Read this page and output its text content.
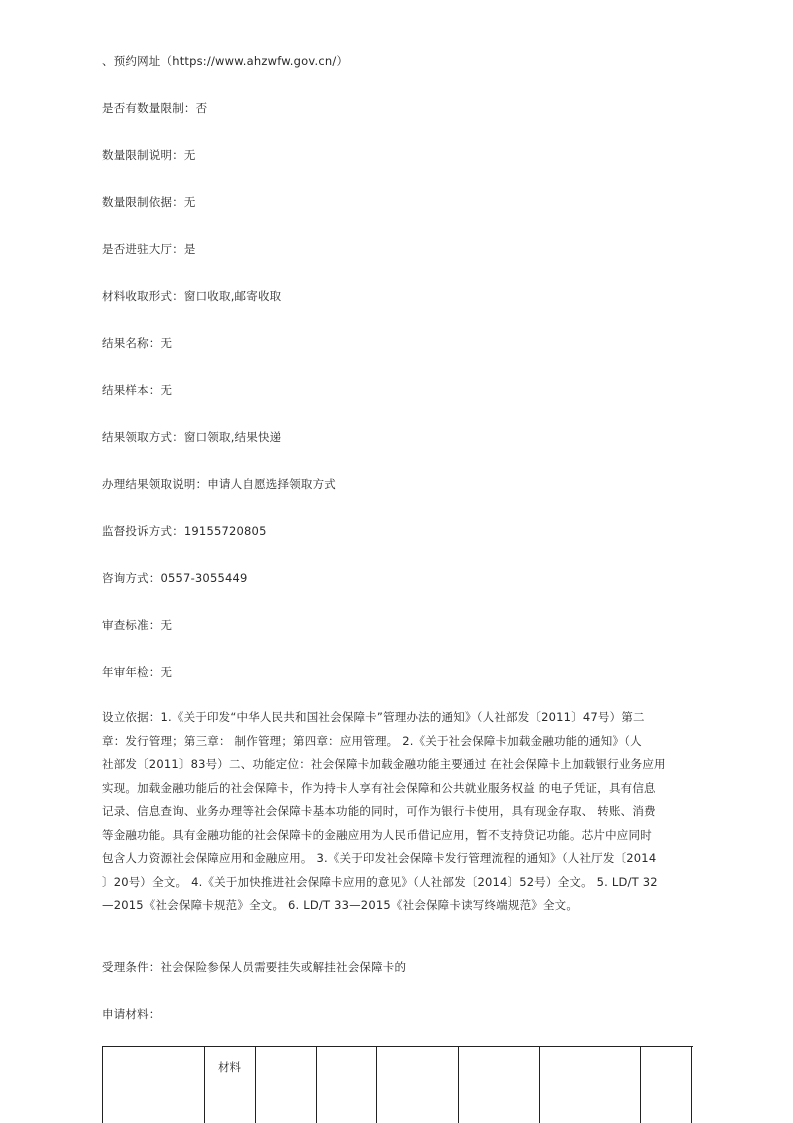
、预约网址（https://www.ahzwfw.gov.cn/）
是否有数量限制：否
数量限制说明：无
数量限制依据：无
是否进驻大厅：是
材料收取形式：窗口收取,邮寄收取
结果名称：无
结果样本：无
结果领取方式：窗口领取,结果快递
办理结果领取说明：申请人自愿选择领取方式
监督投诉方式：19155720805
咨询方式：0557-3055449
审查标准：无
年审年检：无
设立依据：1.《关于印发“中华人民共和国社会保障卡”管理办法的通知》（人社部发〔2011〕47号）第二
章：发行管理；第三章： 制作管理；第四章：应用管理。 2.《关于社会保障卡加载金融功能的通知》（人
社部发〔2011〕83号）二、功能定位：社会保障卡加载金融功能主要通过 在社会保障卡上加载银行业务应用
实现。加载金融功能后的社会保障卡，作为持卡人享有社会保障和公共就业服务权益 的电子凭证，具有信息
记录、信息查询、业务办理等社会保障卡基本功能的同时，可作为银行卡使用，具有现金存取、 转账、消费
等金融功能。具有金融功能的社会保障卡的金融应用为人民币借记应用，暂不支持贷记功能。芯片中应同时
包含人力资源社会保障应用和金融应用。 3.《关于印发社会保障卡发行管理流程的通知》（人社厅发〔2014
〕20号）全文。 4.《关于加快推进社会保障卡应用的意见》（人社部发〔2014〕52号）全文。 5. LD/T 32
—2015《社会保障卡规范》全文。 6. LD/T 33—2015《社会保障卡读写终端规范》全文。
受理条件：社会保险参保人员需要挂失或解挂社会保障卡的
申请材料：
材料
